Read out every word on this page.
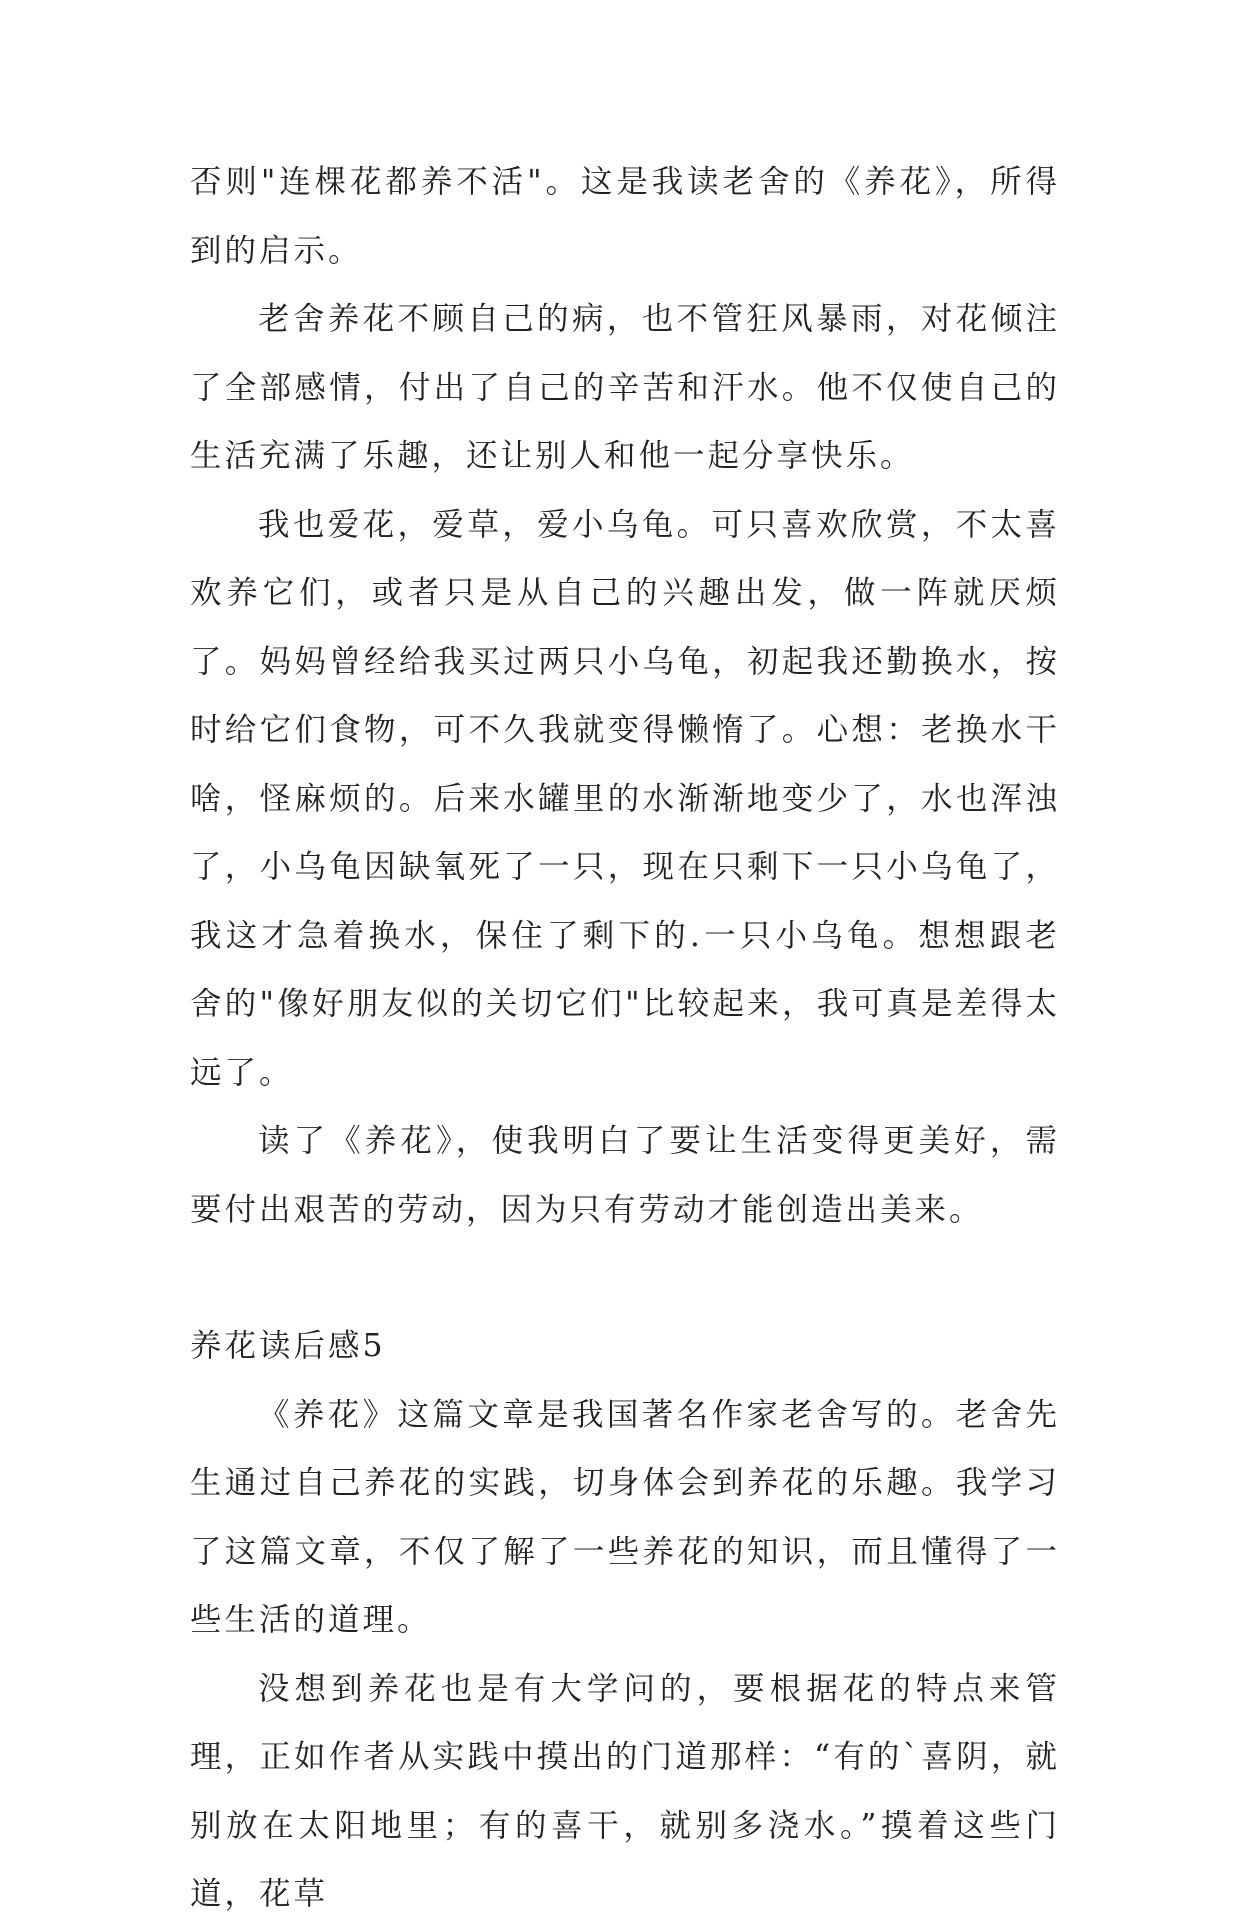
否则"连棵花都养不活"。这是我读老舍的《养花》，所得到的启示。

老舍养花不顾自己的病，也不管狂风暴雨，对花倾注了全部感情，付出了自己的辛苦和汗水。他不仅使自己的生活充满了乐趣，还让别人和他一起分享快乐。

我也爱花，爱草，爱小乌龟。可只喜欢欣赏，不太喜欢养它们，或者只是从自己的兴趣出发，做一阵就厌烦了。妈妈曾经给我买过两只小乌龟，初起我还勤换水，按时给它们食物，可不久我就变得懒惰了。心想：老换水干啥，怪麻烦的。后来水罐里的水渐渐地变少了，水也浑浊了，小乌龟因缺氧死了一只，现在只剩下一只小乌龟了，我这才急着换水，保住了剩下的.一只小乌龟。想想跟老舍的"像好朋友似的关切它们"比较起来，我可真是差得太远了。

读了《养花》，使我明白了要让生活变得更美好，需要付出艰苦的劳动，因为只有劳动才能创造出美来。

养花读后感5

《养花》这篇文章是我国著名作家老舍写的。老舍先生通过自己养花的实践，切身体会到养花的乐趣。我学习了这篇文章，不仅了解了一些养花的知识，而且懂得了一些生活的道理。

没想到养花也是有大学问的，要根据花的特点来管理，正如作者从实践中摸出的门道那样：“有的`喜阴，就别放在太阳地里；有的喜干，就别多浇水。”摸着这些门道，花草
